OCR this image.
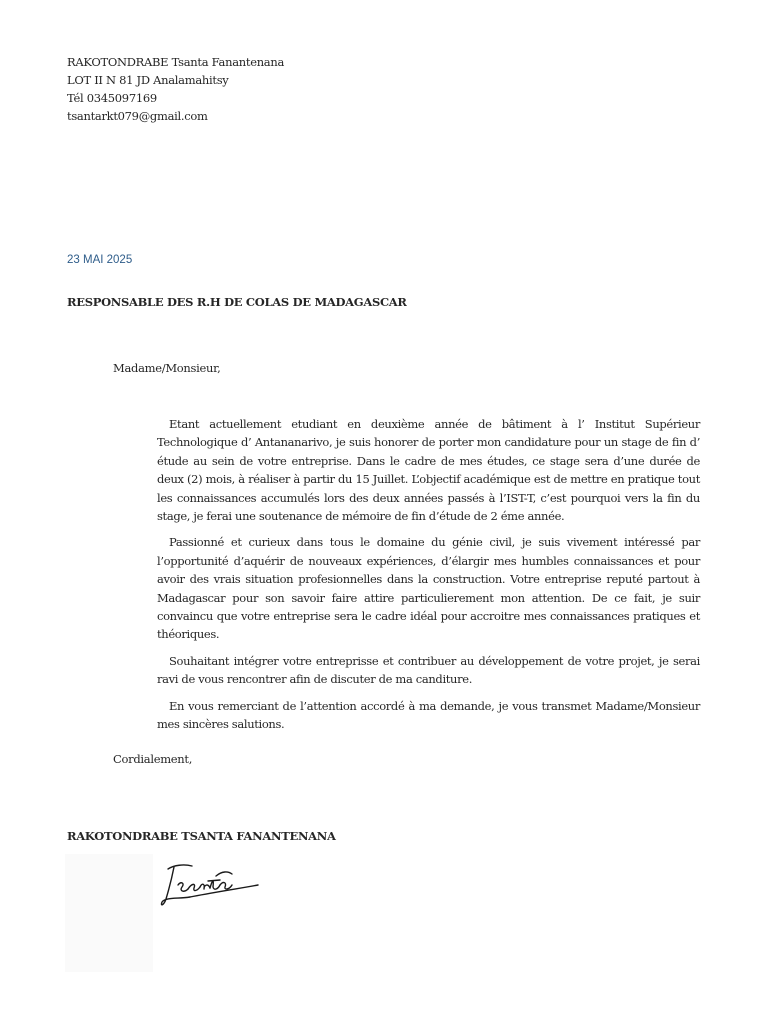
RAKOTONDRABE Tsanta Fanantenana
LOT II N 81 JD Analamahitsy
Tél 0345097169
tsantarkt079@gmail.com
23 MAI 2025
RESPONSABLE DES R.H DE COLAS DE MADAGASCAR
Madame/Monsieur,

Etant actuellement etudiant en deuxième année de bâtiment à l’ Institut Supérieur Technologique d’ Antananarivo, je suis honorer de porter mon candidature pour un stage de fin d’ étude au sein de votre entreprise. Dans le cadre de mes études, ce stage sera d’une durée de deux (2) mois, à réaliser à partir du 15 Juillet. L’objectif académique est de mettre en pratique tout les connaissances accumulés lors des deux années passés à l’IST-T, c’est pourquoi vers la fin du stage, je ferai une soutenance de mémoire de fin d’étude de 2 éme année.

Passionné et curieux dans tous le domaine du génie civil, je suis vivement intéressé par l’opportunité d’aquérir de nouveaux expériences, d’élargir mes humbles connaissances et pour avoir des vrais situation profesionnelles dans la construction. Votre entreprise reputé partout à Madagascar pour son savoir faire attire particulierement mon attention. De ce fait, je suir convaincu que votre entreprise sera le cadre idéal pour accroitre mes connaissances pratiques et théoriques.

Souhaitant intégrer votre entreprisse et contribuer au développement de votre projet, je serai ravi de vous rencontrer afin de discuter de ma canditure.

En vous remerciant de l’attention accordé à ma demande, je vous transmet Madame/Monsieur mes sincères salutions.

Cordialement,
RAKOTONDRABE TSANTA FANANTENANA
